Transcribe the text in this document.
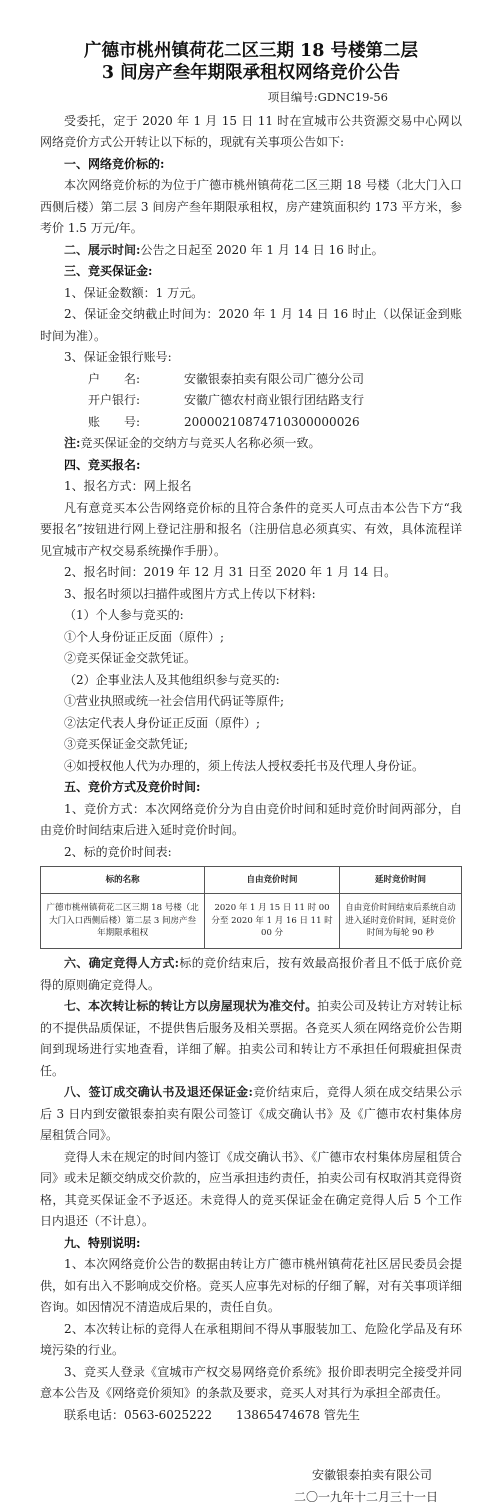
广德市桃州镇荷花二区三期 18 号楼第二层
3 间房产叁年期限承租权网络竞价公告

项目编号:GDNC19-56

受委托，定于 2020 年 1 月 15 日 11 时在宣城市公共资源交易中心网以网络竞价方式公开转让以下标的，现就有关事项公告如下:

一、网络竞价标的:

本次网络竞价标的为位于广德市桃州镇荷花二区三期 18 号楼（北大门入口西侧后楼）第二层 3 间房产叁年期限承租权，房产建筑面积约 173 平方米，参考价 1.5 万元/年。

二、展示时间:公告之日起至 2020 年 1 月 14 日 16 时止。

三、竞买保证金:

1、保证金数额：1 万元。

2、保证金交纳截止时间为：2020 年 1 月 14 日 16 时止（以保证金到账时间为准）。

3、保证金银行账号:

户　　名:	安徽银泰拍卖有限公司广德分公司

开户银行:	安徽广德农村商业银行团结路支行

账　　号:	20000210874710300000026

注:竞买保证金的交纳方与竞买人名称必须一致。

四、竞买报名:

1、报名方式：网上报名

凡有意竞买本公告网络竞价标的且符合条件的竞买人可点击本公告下方“我要报名”按钮进行网上登记注册和报名（注册信息必须真实、有效，具体流程详见宣城市产权交易系统操作手册）。

2、报名时间：2019 年 12 月 31 日至 2020 年 1 月 14 日。

3、报名时须以扫描件或图片方式上传以下材料:

（1）个人参与竞买的:

①个人身份证正反面（原件）;

②竞买保证金交款凭证。

（2）企事业法人及其他组织参与竞买的:

①营业执照或统一社会信用代码证等原件;

②法定代表人身份证正反面（原件）;

③竞买保证金交款凭证;

④如授权他人代为办理的，须上传法人授权委托书及代理人身份证。

五、竞价方式及竞价时间:

1、竞价方式：本次网络竞价分为自由竞价时间和延时竞价时间两部分，自由竞价时间结束后进入延时竞价时间。

2、标的竞价时间表:

标的名称	自由竞价时间	延时竞价时间
广德市桃州镇荷花二区三期 18 号楼（北大门入口西侧后楼）第二层 3 间房产叁年期限承租权	2020 年 1 月 15 日 11 时 00 分至 2020 年 1 月 16 日 11 时 00 分	自由竞价时间结束后系统自动进入延时竞价时间，延时竞价时间为每轮 90 秒

六、确定竞得人方式:标的竞价结束后，按有效最高报价者且不低于底价竞得的原则确定竞得人。

七、本次转让标的转让方以房屋现状为准交付。拍卖公司及转让方对转让标的不提供品质保证，不提供售后服务及相关票据。各竞买人须在网络竞价公告期间到现场进行实地查看，详细了解。拍卖公司和转让方不承担任何瑕疵担保责任。

八、签订成交确认书及退还保证金:竞价结束后，竞得人须在成交结果公示后 3 日内到安徽银泰拍卖有限公司签订《成交确认书》及《广德市农村集体房屋租赁合同》。

竞得人未在规定的时间内签订《成交确认书》、《广德市农村集体房屋租赁合同》或未足额交纳成交价款的，应当承担违约责任，拍卖公司有权取消其竞得资格，其竞买保证金不予返还。未竞得人的竞买保证金在确定竞得人后 5 个工作日内退还（不计息）。

九、特别说明:

1、本次网络竞价公告的数据由转让方广德市桃州镇荷花社区居民委员会提供，如有出入不影响成交价格。竞买人应事先对标的仔细了解，对有关事项详细咨询。如因情况不清造成后果的，责任自负。

2、本次转让标的竞得人在承租期间不得从事服装加工、危险化学品及有环境污染的行业。

3、竞买人登录《宣城市产权交易网络竞价系统》报价即表明完全接受并同意本公告及《网络竞价须知》的条款及要求，竞买人对其行为承担全部责任。

联系电话：0563-6025222　　13865474678 管先生

安徽银泰拍卖有限公司

二〇一九年十二月三十一日
